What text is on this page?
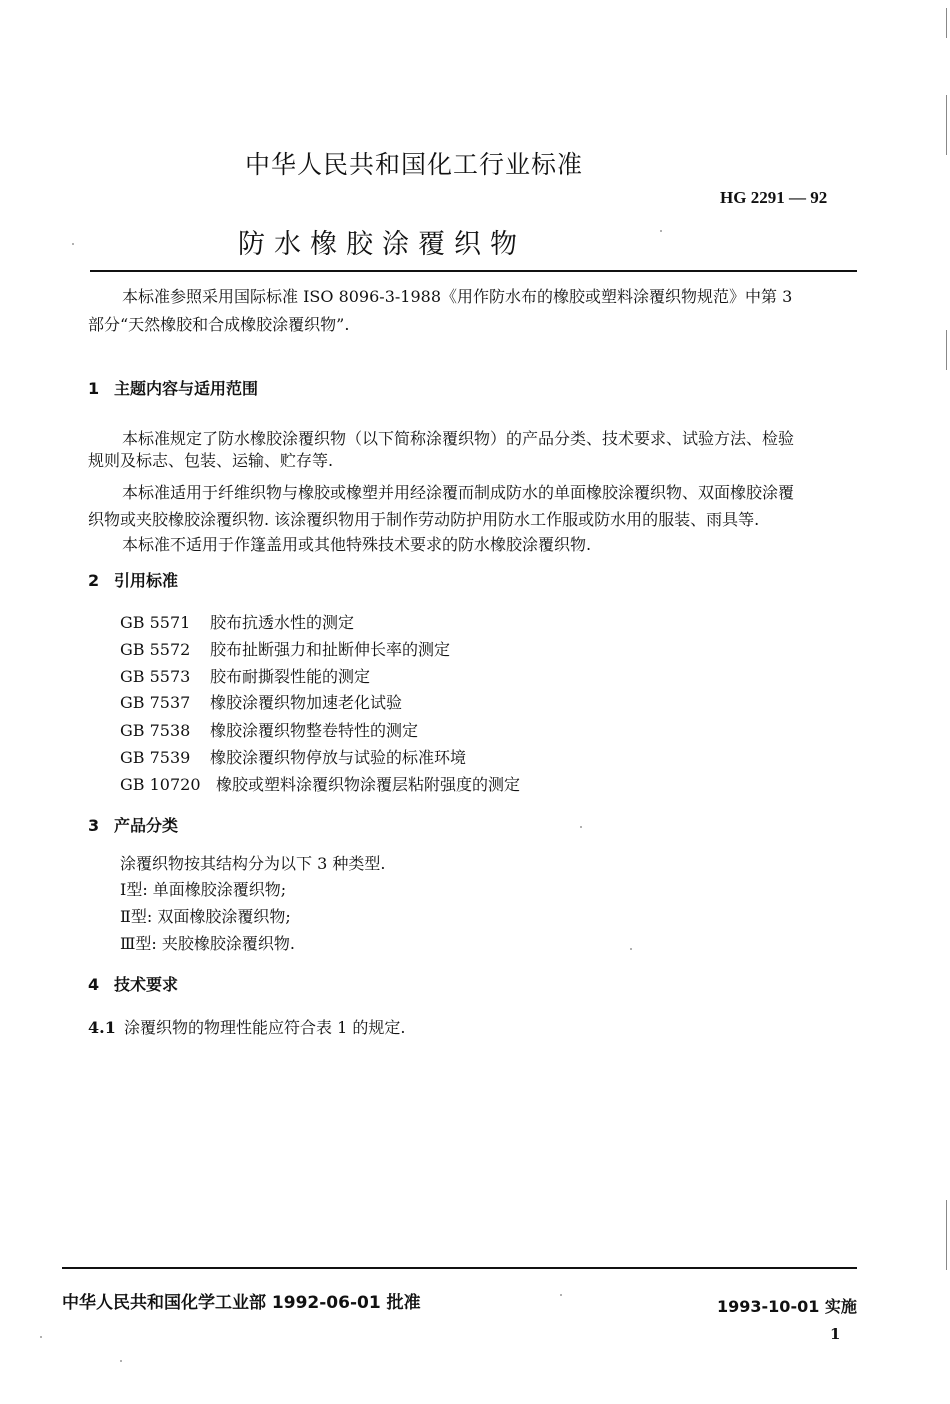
中华人民共和国化工行业标准
HG 2291 — 92
防水橡胶涂覆织物
本标准参照采用国际标准 ISO 8096-3-1988《用作防水布的橡胶或塑料涂覆织物规范》中第 3
部分“天然橡胶和合成橡胶涂覆织物”.
1 主题内容与适用范围
本标准规定了防水橡胶涂覆织物（以下简称涂覆织物）的产品分类、技术要求、试验方法、检验
规则及标志、包装、运输、贮存等.
本标准适用于纤维织物与橡胶或橡塑并用经涂覆而制成防水的单面橡胶涂覆织物、双面橡胶涂覆
织物或夹胶橡胶涂覆织物. 该涂覆织物用于制作劳动防护用防水工作服或防水用的服装、雨具等.
本标准不适用于作篷盖用或其他特殊技术要求的防水橡胶涂覆织物.
2 引用标准
GB 5571 胶布抗透水性的测定
GB 5572 胶布扯断强力和扯断伸长率的测定
GB 5573 胶布耐撕裂性能的测定
GB 7537 橡胶涂覆织物加速老化试验
GB 7538 橡胶涂覆织物整卷特性的测定
GB 7539 橡胶涂覆织物停放与试验的标准环境
GB 10720 橡胶或塑料涂覆织物涂覆层粘附强度的测定
3 产品分类
涂覆织物按其结构分为以下 3 种类型.
Ⅰ型: 单面橡胶涂覆织物;
Ⅱ型: 双面橡胶涂覆织物;
Ⅲ型: 夹胶橡胶涂覆织物.
4 技术要求
4.1 涂覆织物的物理性能应符合表 1 的规定.
中华人民共和国化学工业部 1992-06-01 批准	1993-10-01 实施
1
